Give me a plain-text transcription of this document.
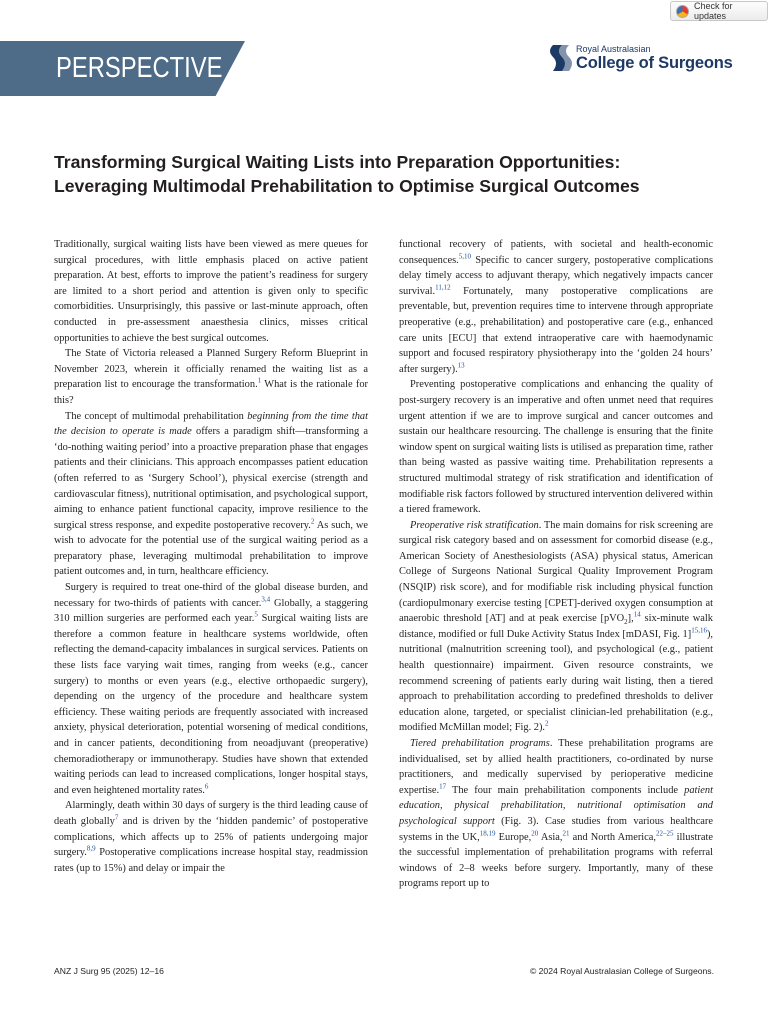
Check for updates
PERSPECTIVE
Royal Australasian
College of Surgeons
Transforming Surgical Waiting Lists into Preparation Opportunities:
Leveraging Multimodal Prehabilitation to Optimise Surgical Outcomes

Traditionally, surgical waiting lists have been viewed as mere queues for surgical procedures, with little emphasis placed on active patient preparation. At best, efforts to improve the patient’s readiness for surgery are limited to a short period and attention is given only to specific comorbidities. Unsurprisingly, this passive or last-minute approach, often conducted in pre-assessment anaesthesia clinics, misses critical opportunities to achieve the best surgical outcomes.

The State of Victoria released a Planned Surgery Reform Blueprint in November 2023, wherein it officially renamed the waiting list as a preparation list to encourage the transformation.$^1$ What is the rationale for this?

The concept of multimodal prehabilitation beginning from the time that the decision to operate is made offers a paradigm shift—transforming a ‘do-nothing waiting period’ into a proactive preparation phase that engages patients and their clinicians. This approach encompasses patient education (often referred to as ‘Surgery School’), physical exercise (strength and cardiovascular fitness), nutritional optimisation, and psychological support, aiming to enhance patient functional capacity, improve resilience to the surgical stress response, and expedite postoperative recovery.$^2$ As such, we wish to advocate for the potential use of the surgical waiting period as a preparatory phase, leveraging multimodal prehabilitation to improve patient outcomes and, in turn, healthcare efficiency.

Surgery is required to treat one-third of the global disease burden, and necessary for two-thirds of patients with cancer.$^{3,4}$ Globally, a staggering 310 million surgeries are performed each year.$^5$ Surgical waiting lists are therefore a common feature in healthcare systems worldwide, often reflecting the demand-capacity imbalances in surgical services. Patients on these lists face varying wait times, ranging from weeks (e.g., cancer surgery) to months or even years (e.g., elective orthopaedic surgery), depending on the urgency of the procedure and healthcare system efficiency. These waiting periods are frequently associated with increased anxiety, physical deterioration, potential worsening of medical conditions, and in cancer patients, deconditioning from neoadjuvant (preoperative) chemoradiotherapy or immunotherapy. Studies have shown that extended waiting periods can lead to increased complications, longer hospital stays, and even heightened mortality rates.$^6$

Alarmingly, death within 30 days of surgery is the third leading cause of death globally$^7$ and is driven by the ‘hidden pandemic’ of postoperative complications, which affects up to 25% of patients undergoing major surgery.$^{8,9}$ Postoperative complications increase hospital stay, readmission rates (up to 15%) and delay or impair the

functional recovery of patients, with societal and health-economic consequences.$^{5,10}$ Specific to cancer surgery, postoperative complications delay timely access to adjuvant therapy, which negatively impacts cancer survival.$^{11,12}$ Fortunately, many postoperative complications are preventable, but, prevention requires time to intervene through appropriate preoperative (e.g., prehabilitation) and postoperative care (e.g., enhanced care units [ECU] that extend intraoperative care with haemodynamic support and focused respiratory physiotherapy into the ‘golden 24 hours’ after surgery).$^{13}$

Preventing postoperative complications and enhancing the quality of post-surgery recovery is an imperative and often unmet need that requires urgent attention if we are to improve surgical and cancer outcomes and sustain our healthcare resourcing. The challenge is ensuring that the finite window spent on surgical waiting lists is utilised as preparation time, rather than being wasted as passive waiting time. Prehabilitation represents a structured multimodal strategy of risk stratification and identification of modifiable risk factors followed by structured intervention delivered within a tiered framework.

Preoperative risk stratification. The main domains for risk screening are surgical risk category based and on assessment for comorbid disease (e.g., American Society of Anesthesiologists (ASA) physical status, American College of Surgeons National Surgical Quality Improvement Program (NSQIP) risk score), and for modifiable risk including physical function (cardiopulmonary exercise testing [CPET]-derived oxygen consumption at anaerobic threshold [AT] and at peak exercise [pVO$_2$],$^{14}$ six-minute walk distance, modified or full Duke Activity Status Index [mDASI, Fig. 1]$^{15,16}$), nutritional (malnutrition screening tool), and psychological (e.g., patient health questionnaire) impairment. Given resource constraints, we recommend screening of patients early during wait listing, then a tiered approach to prehabilitation according to predefined thresholds to deliver education alone, targeted, or specialist clinician-led prehabilitation (e.g., modified McMillan model; Fig. 2).$^2$

Tiered prehabilitation programs. These prehabilitation programs are individualised, set by allied health practitioners, co-ordinated by nurse practitioners, and medically supervised by perioperative medicine expertise.$^{17}$ The four main prehabilitation components include patient education, physical prehabilitation, nutritional optimisation and psychological support (Fig. 3). Case studies from various healthcare systems in the UK,$^{18,19}$ Europe,$^{20}$ Asia,$^{21}$ and North America,$^{22-25}$ illustrate the successful implementation of prehabilitation programs with referral windows of 2–8 weeks before surgery. Importantly, many of these programs report up to

ANZ J Surg 95 (2025) 12–16	© 2024 Royal Australasian College of Surgeons.
